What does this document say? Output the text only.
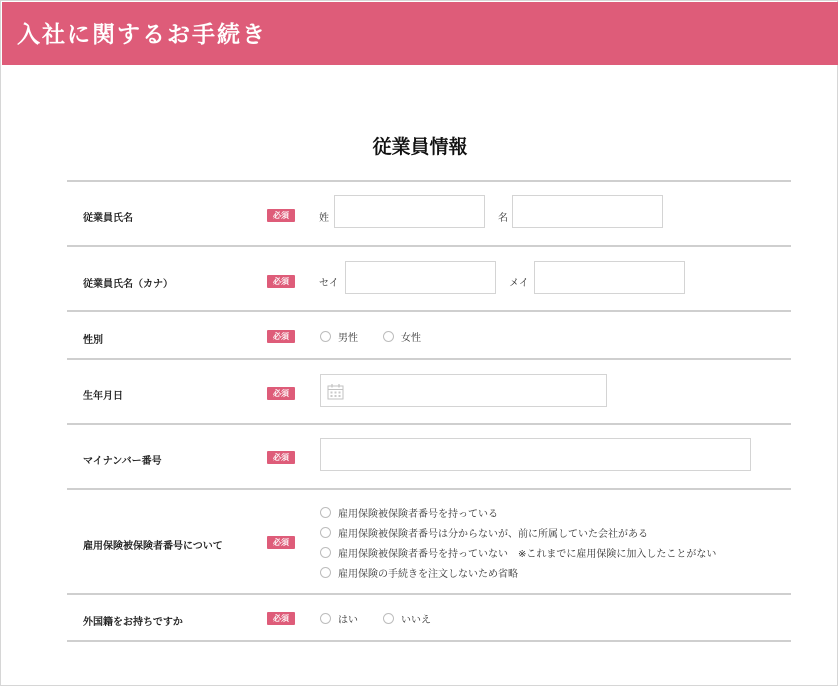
入社に関するお手続き
従業員情報
従業員氏名	必須	姓	名
従業員氏名（カナ）	必須	セイ	メイ
性別	必須	男性	女性
生年月日	必須
マイナンバー番号	必須
雇用保険被保険者番号について	必須
雇用保険被保険者番号を持っている
雇用保険被保険者番号は分からないが、前に所属していた会社がある
雇用保険被保険者番号を持っていない　※これまでに雇用保険に加入したことがない
雇用保険の手続きを注文しないため省略
外国籍をお持ちですか	必須	はい	いいえ
